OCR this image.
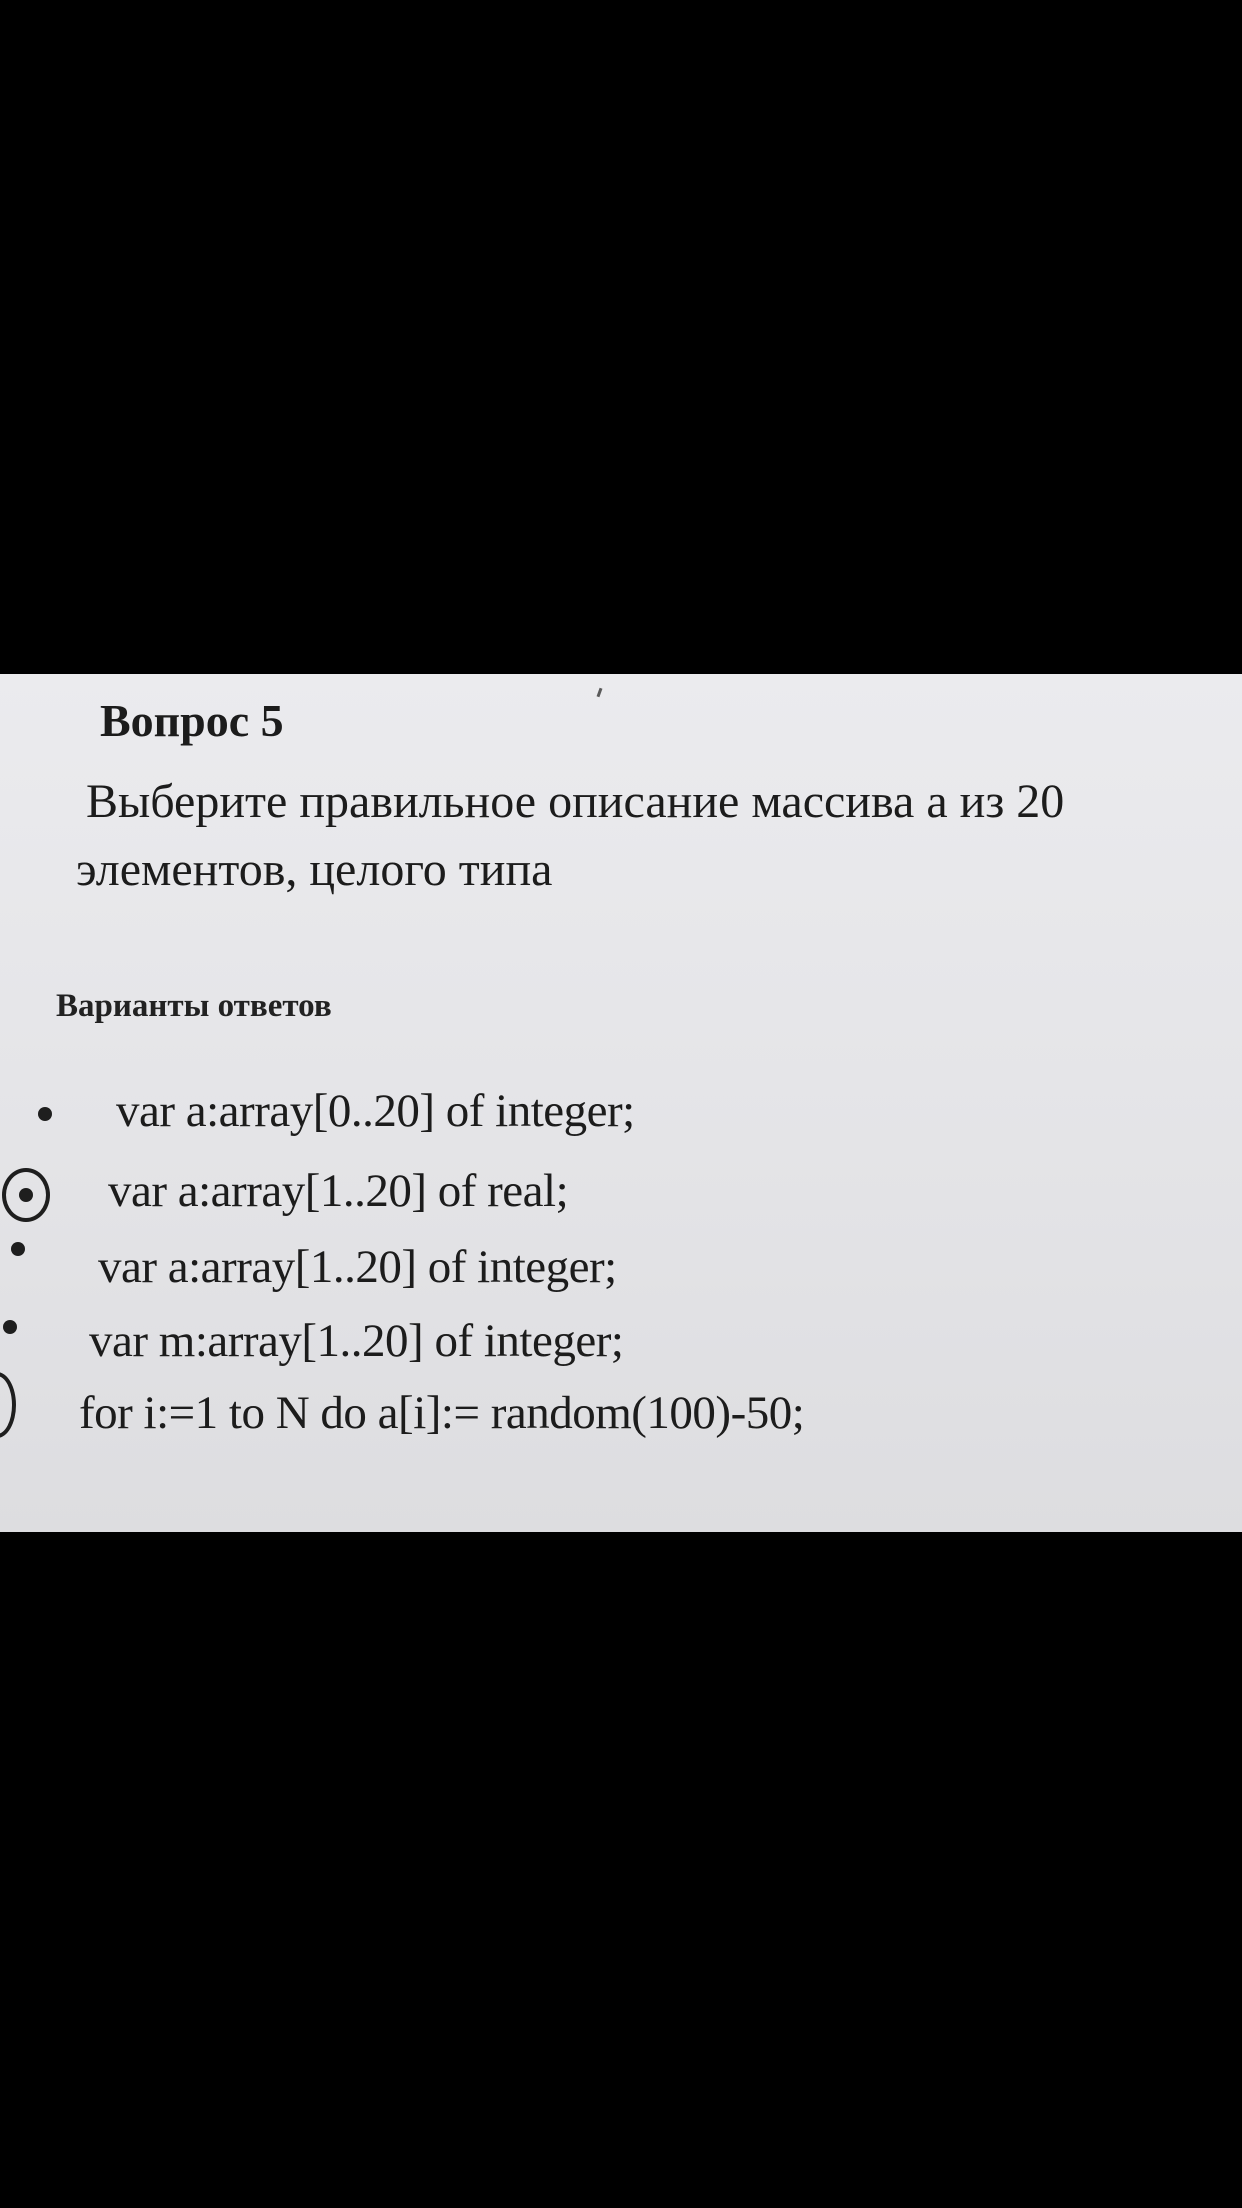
Вопрос 5
Выберите правильное описание массива а из 20
элементов, целого типа
Варианты ответов
var a:array[0..20] of integer;
var a:array[1..20] of real;
var a:array[1..20] of integer;
var m:array[1..20] of integer;
for i:=1 to N do a[i]:= random(100)-50;
